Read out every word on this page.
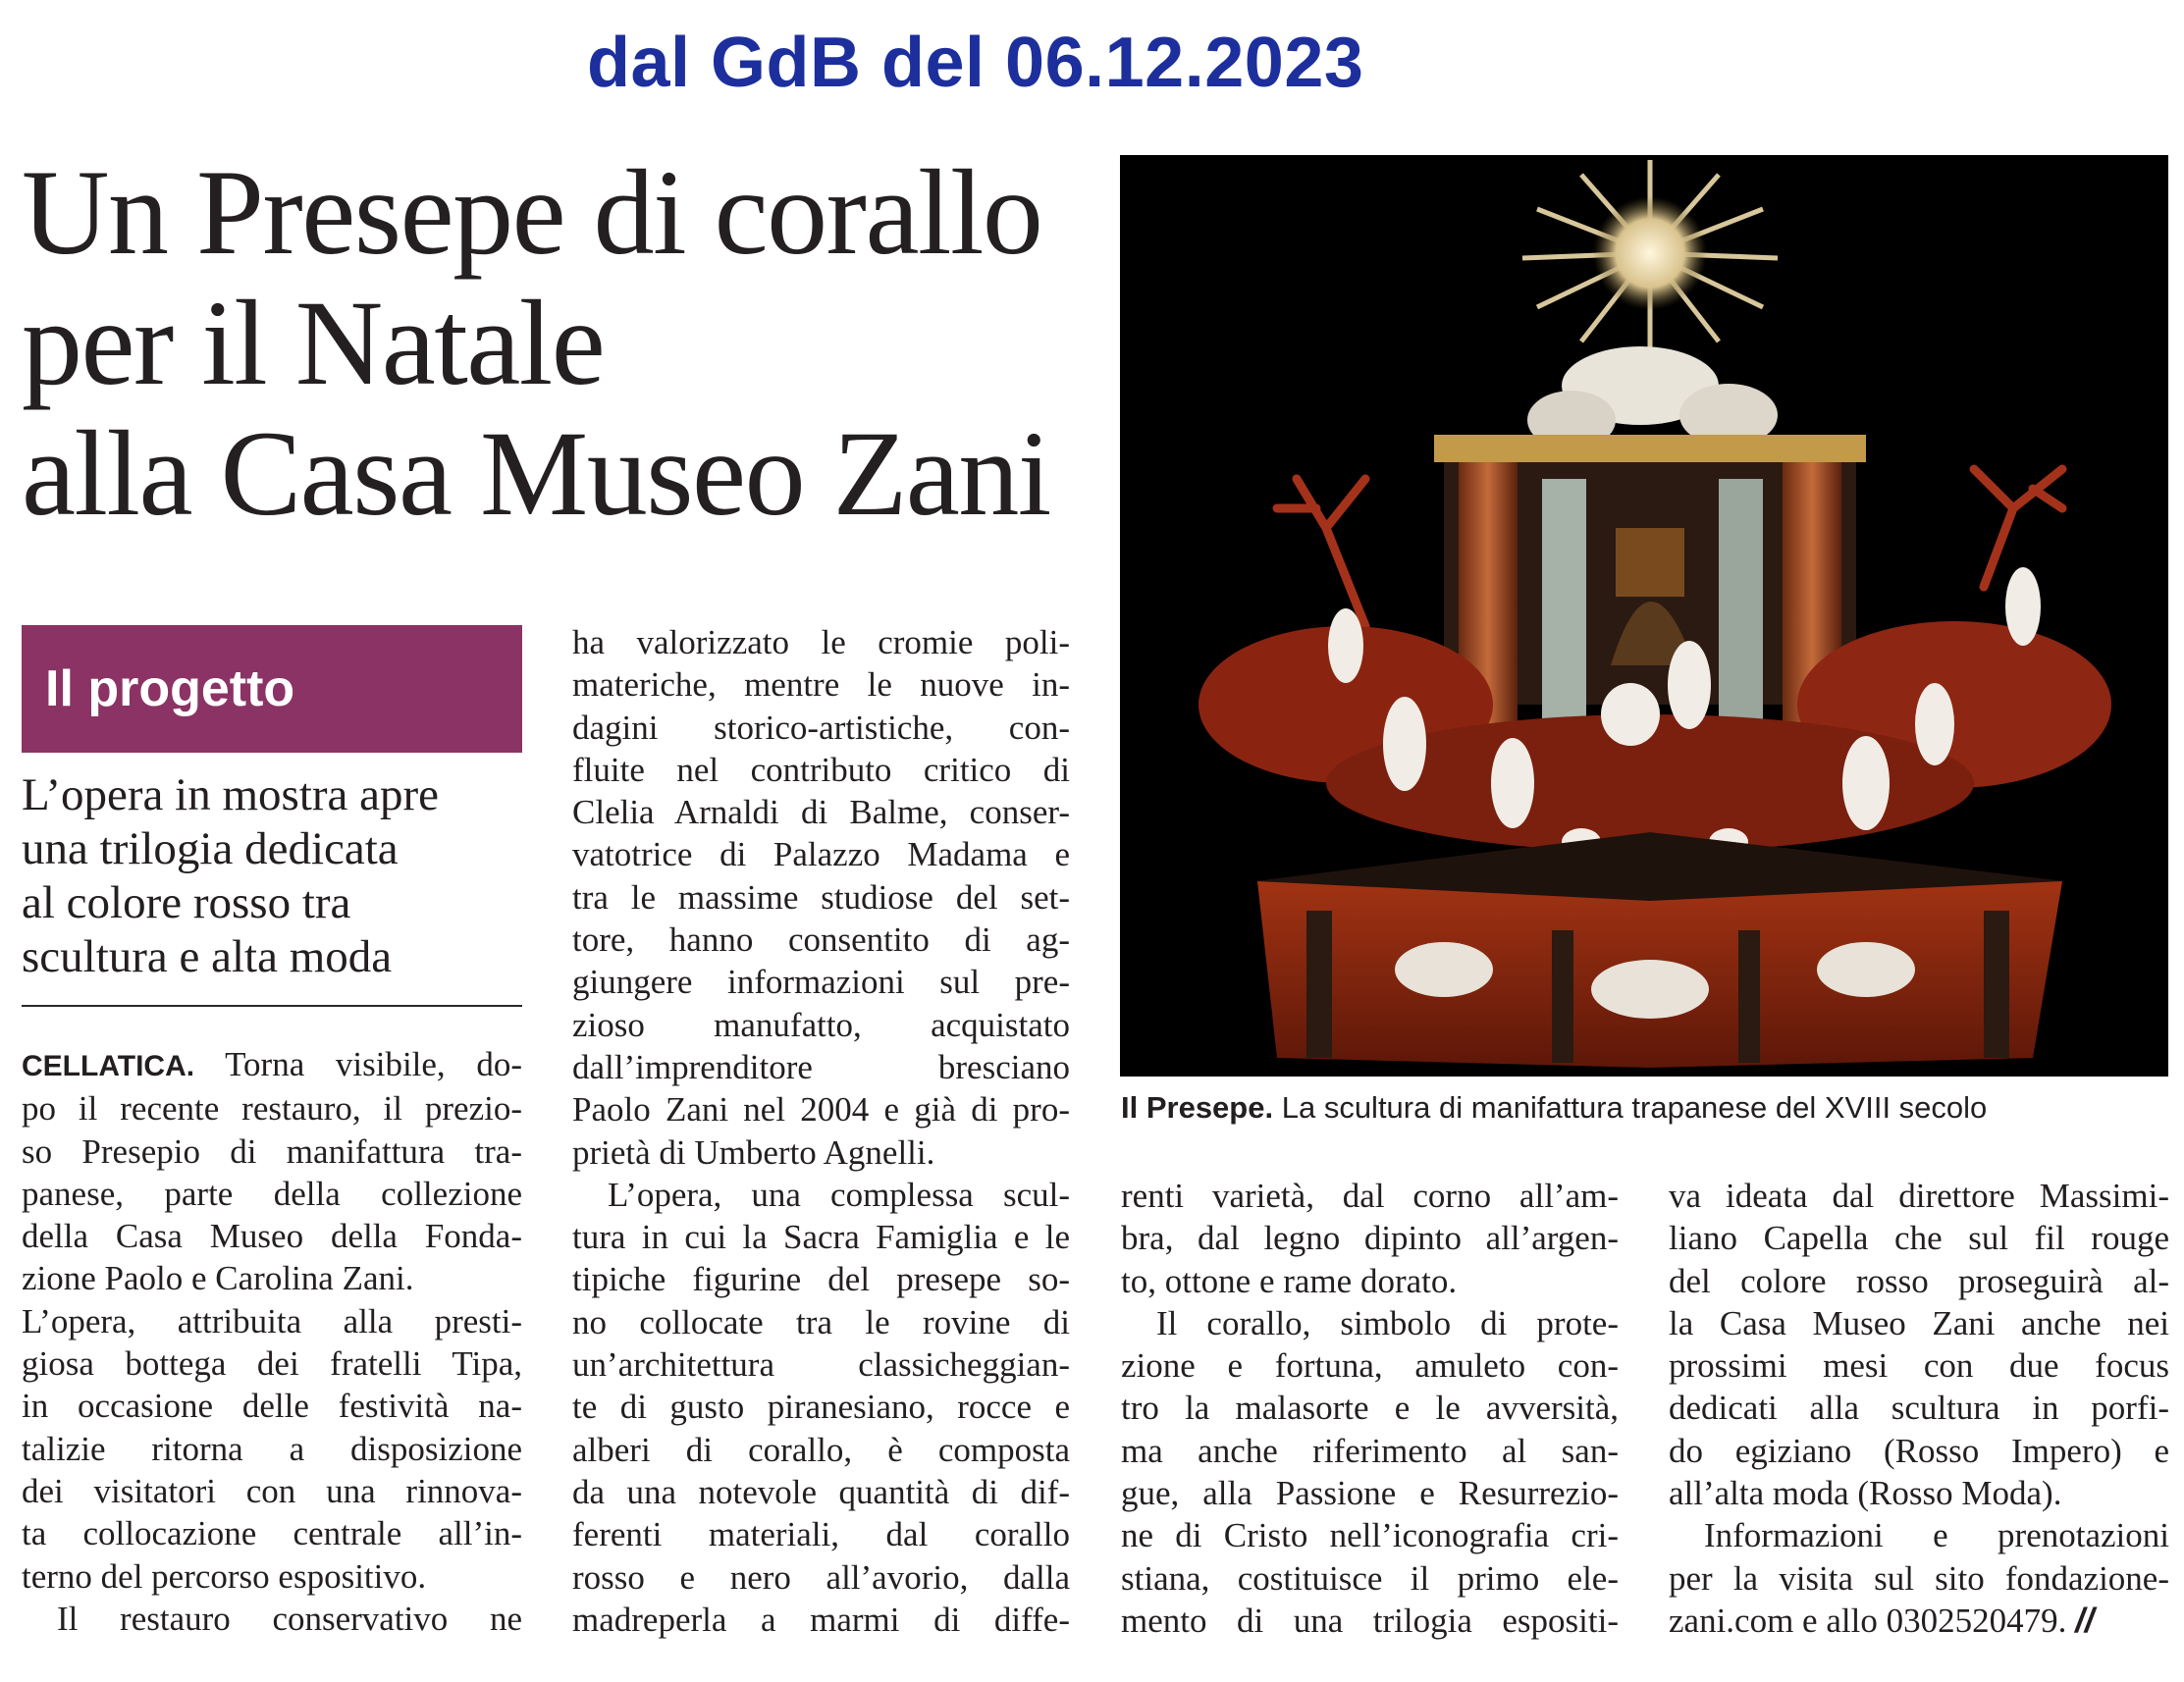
dal GdB del 06.12.2023
Un Presepe di corallo
per il Natale
alla Casa Museo Zani
Il Presepe. La scultura di manifattura trapanese del XVIII secolo
Il progetto
L’opera in mostra apre
una trilogia dedicata
al colore rosso tra
scultura e alta moda
CELLATICA. Torna visibile, do-
po il recente restauro, il prezio-
so Presepio di manifattura tra-
panese, parte della collezione
della Casa Museo della Fonda-
zione Paolo e Carolina Zani.
L’opera, attribuita alla presti-
giosa bottega dei fratelli Tipa,
in occasione delle festività na-
talizie ritorna a disposizione
dei visitatori con una rinnova-
ta collocazione centrale all’in-
terno del percorso espositivo.
Il restauro conservativo ne
ha valorizzato le cromie poli-
materiche, mentre le nuove in-
dagini storico-artistiche, con-
fluite nel contributo critico di
Clelia Arnaldi di Balme, conser-
vatotrice di Palazzo Madama e
tra le massime studiose del set-
tore, hanno consentito di ag-
giungere informazioni sul pre-
zioso manufatto, acquistato
dall’imprenditore bresciano
Paolo Zani nel 2004 e già di pro-
prietà di Umberto Agnelli.
L’opera, una complessa scul-
tura in cui la Sacra Famiglia e le
tipiche figurine del presepe so-
no collocate tra le rovine di
un’architettura classicheggian-
te di gusto piranesiano, rocce e
alberi di corallo, è composta
da una notevole quantità di dif-
ferenti materiali, dal corallo
rosso e nero all’avorio, dalla
madreperla a marmi di diffe-
renti varietà, dal corno all’am-
bra, dal legno dipinto all’argen-
to, ottone e rame dorato.
Il corallo, simbolo di prote-
zione e fortuna, amuleto con-
tro la malasorte e le avversità,
ma anche riferimento al san-
gue, alla Passione e Resurrezio-
ne di Cristo nell’iconografia cri-
stiana, costituisce il primo ele-
mento di una trilogia espositi-
va ideata dal direttore Massimi-
liano Capella che sul fil rouge
del colore rosso proseguirà al-
la Casa Museo Zani anche nei
prossimi mesi con due focus
dedicati alla scultura in porfi-
do egiziano (Rosso Impero) e
all’alta moda (Rosso Moda).
Informazioni e prenotazioni
per la visita sul sito fondazione-
zani.com e allo 0302520479. //
